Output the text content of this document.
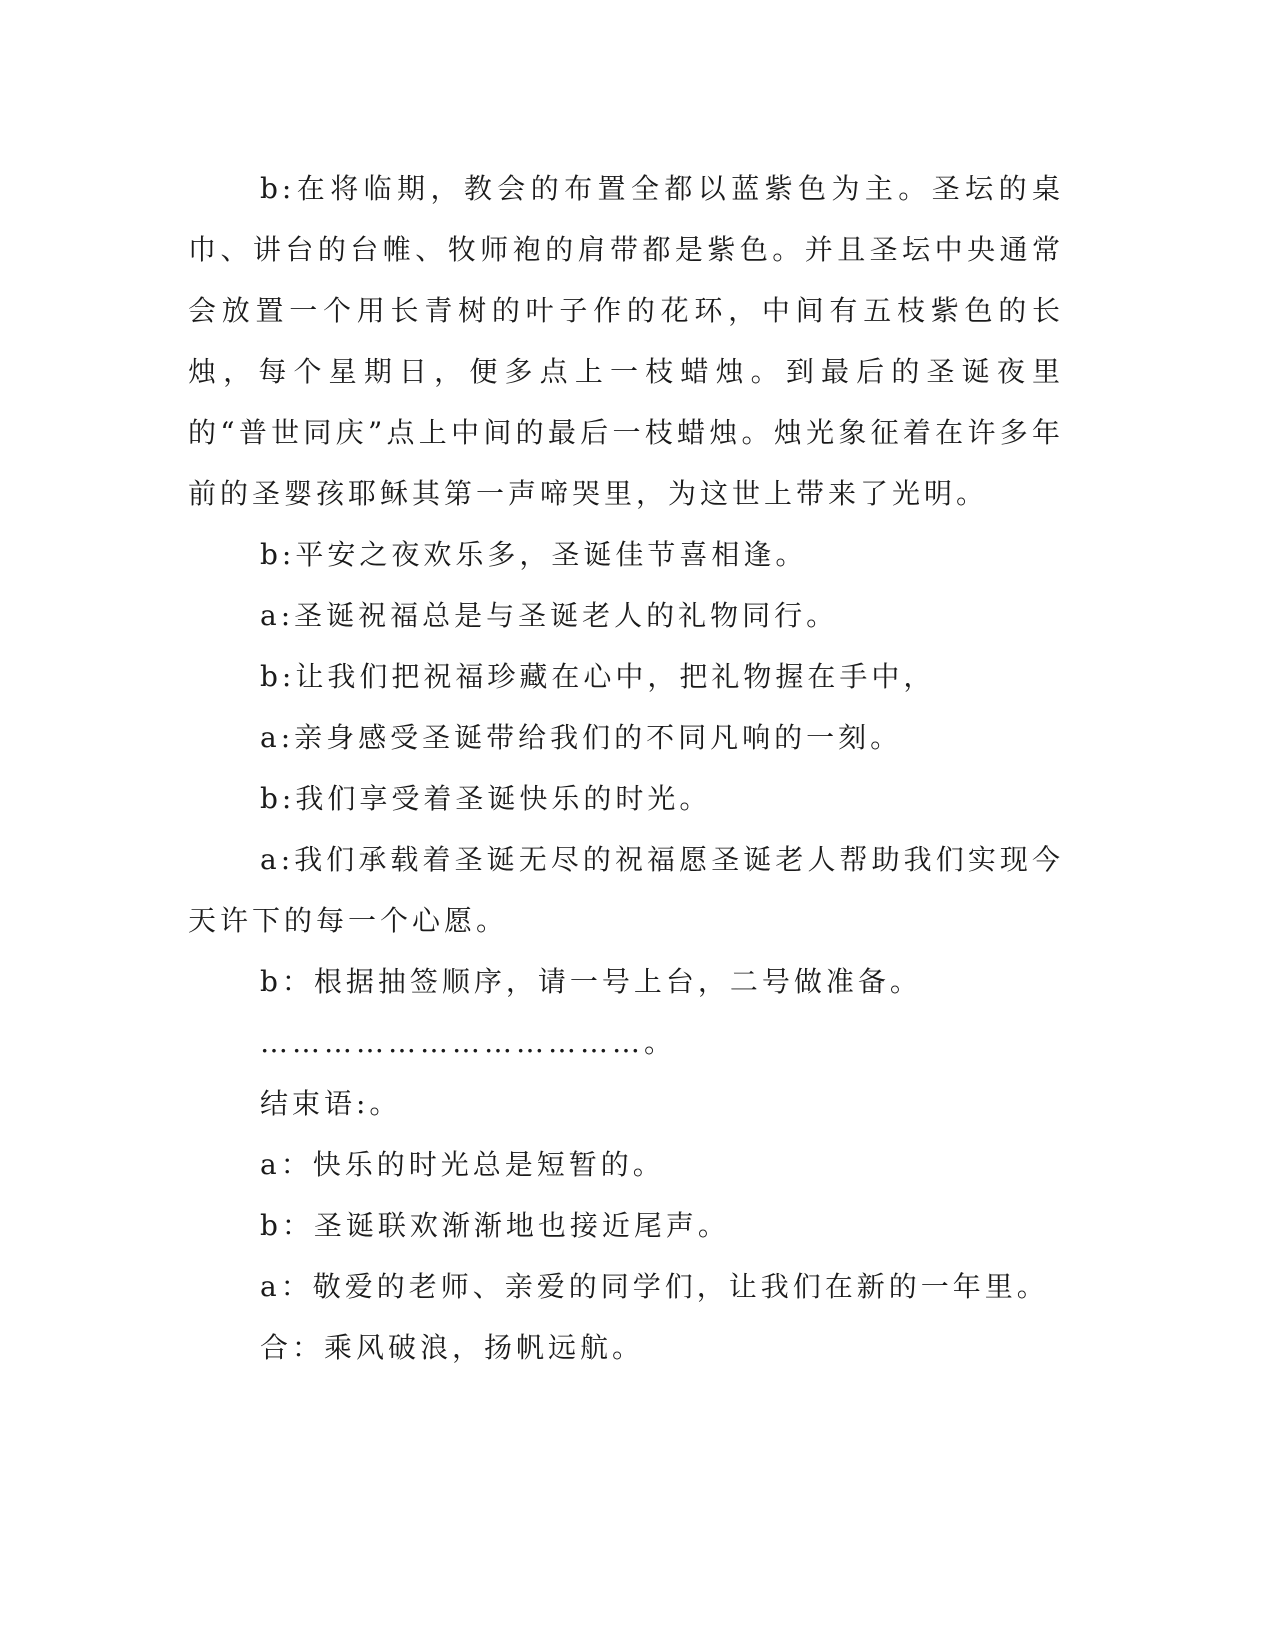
b:在将临期，教会的布置全都以蓝紫色为主。圣坛的桌巾、讲台的台帷、牧师袍的肩带都是紫色。并且圣坛中央通常会放置一个用长青树的叶子作的花环，中间有五枝紫色的长烛，每个星期日，便多点上一枝蜡烛。到最后的圣诞夜里的“普世同庆”点上中间的最后一枝蜡烛。烛光象征着在许多年前的圣婴孩耶稣其第一声啼哭里，为这世上带来了光明。

b:平安之夜欢乐多，圣诞佳节喜相逢。

a:圣诞祝福总是与圣诞老人的礼物同行。

b:让我们把祝福珍藏在心中，把礼物握在手中，

a:亲身感受圣诞带给我们的不同凡响的一刻。

b:我们享受着圣诞快乐的时光。

a:我们承载着圣诞无尽的祝福愿圣诞老人帮助我们实现今天许下的每一个心愿。

b：根据抽签顺序，请一号上台，二号做准备。

………………………………。

结束语:。

a：快乐的时光总是短暂的。

b：圣诞联欢渐渐地也接近尾声。

a：敬爱的老师、亲爱的同学们，让我们在新的一年里。

合：乘风破浪，扬帆远航。
